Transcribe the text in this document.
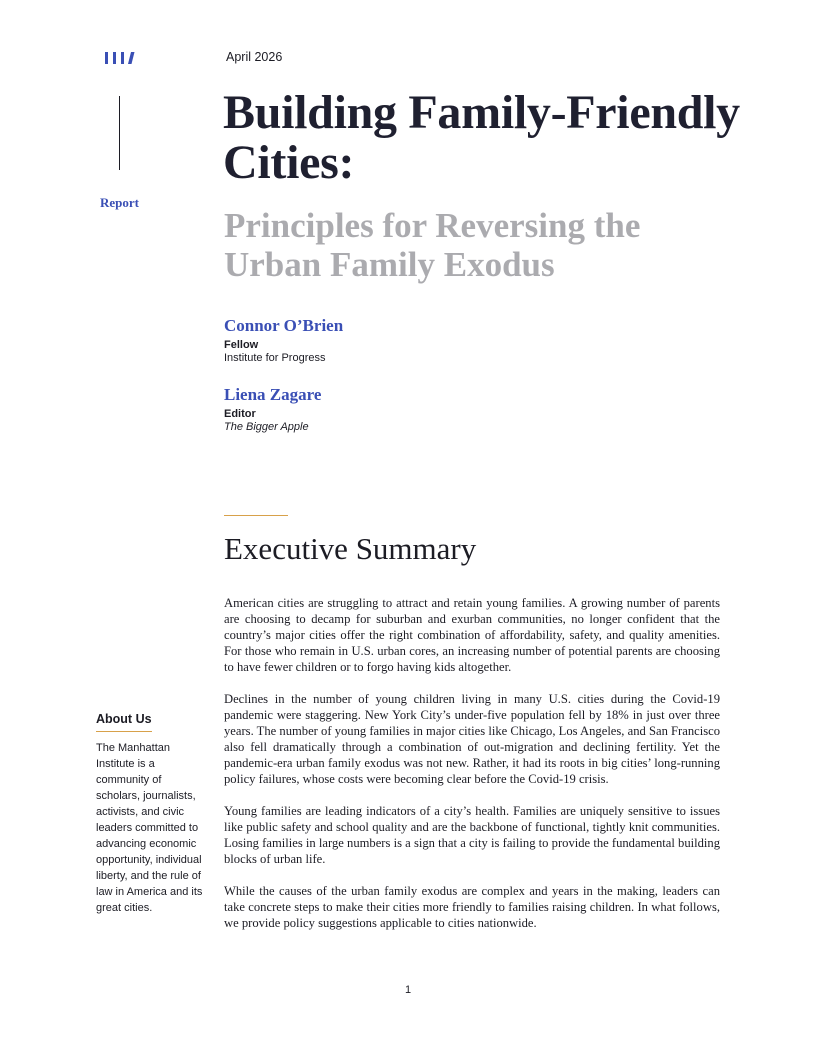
Report
April 2026
Building Family-Friendly Cities:
Principles for Reversing the Urban Family Exodus
Connor O’Brien
Fellow
Institute for Progress
Liena Zagare
Editor
The Bigger Apple
Executive Summary

American cities are struggling to attract and retain young families. A growing number of parents are choosing to decamp for suburban and exurban communities, no longer confident that the country’s major cities offer the right combination of affordability, safety, and quality amenities. For those who remain in U.S. urban cores, an increasing number of potential parents are choosing to have fewer children or to forgo having kids altogether.

Declines in the number of young children living in many U.S. cities during the Covid-19 pandemic were staggering. New York City’s under-five population fell by 18% in just over three years. The number of young families in major cities like Chicago, Los Angeles, and San Francisco also fell dramatically through a combination of out-migration and declining fertility. Yet the pandemic-era urban family exodus was not new. Rather, it had its roots in big cities’ long-running policy failures, whose costs were becoming clear before the Covid-19 crisis.

Young families are leading indicators of a city’s health. Families are uniquely sensitive to issues like public safety and school quality and are the backbone of functional, tightly knit communities. Losing families in large numbers is a sign that a city is failing to provide the fundamental building blocks of urban life.

While the causes of the urban family exodus are complex and years in the making, leaders can take concrete steps to make their cities more friendly to families raising children. In what follows, we provide policy suggestions applicable to cities nationwide.

About Us
The Manhattan Institute is a community of scholars, journalists, activists, and civic leaders committed to advancing economic opportunity, individual liberty, and the rule of law in America and its great cities.
1
